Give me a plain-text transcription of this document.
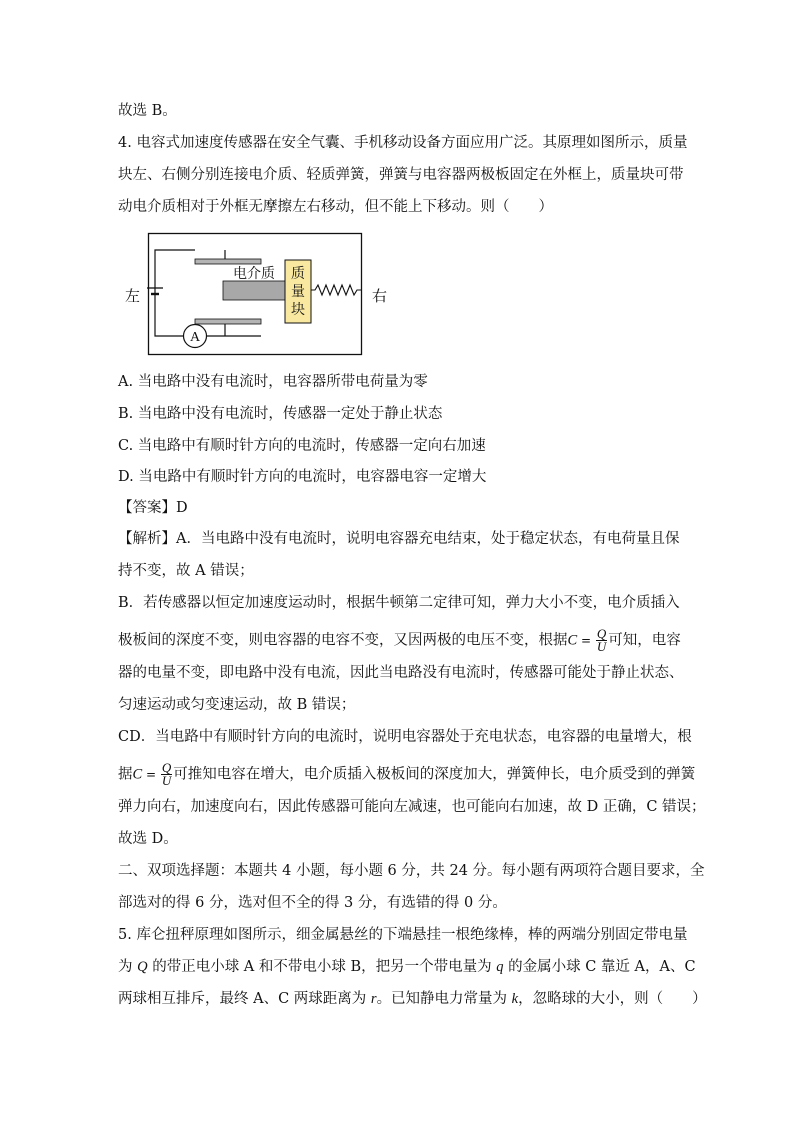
故选 B。
4. 电容式加速度传感器在安全气囊、手机移动设备方面应用广泛。其原理如图所示，质量
块左、右侧分别连接电介质、轻质弹簧，弹簧与电容器两极板固定在外框上，质量块可带
动电介质相对于外框无摩擦左右移动，但不能上下移动。则（　　）
左	右
电介质 质
量
块
A
A. 当电路中没有电流时，电容器所带电荷量为零
B. 当电路中没有电流时，传感器一定处于静止状态
C. 当电路中有顺时针方向的电流时，传感器一定向右加速
D. 当电路中有顺时针方向的电流时，电容器电容一定增大
【答案】D
【解析】A．当电路中没有电流时，说明电容器充电结束，处于稳定状态，有电荷量且保
持不变，故 A 错误；
B．若传感器以恒定加速度运动时，根据牛顿第二定律可知，弹力大小不变，电介质插入
极板间的深度不变，则电容器的电容不变，又因两极的电压不变，根据$C = \frac{Q}{U}$ 可知，电容
器的电量不变，即电路中没有电流，因此当电路没有电流时，传感器可能处于静止状态、
匀速运动或匀变速运动，故 B 错误；
CD．当电路中有顺时针方向的电流时，说明电容器处于充电状态，电容器的电量增大，根
据$C = \frac{Q}{U}$ 可推知电容在增大，电介质插入极板间的深度加大，弹簧伸长，电介质受到的弹簧
弹力向右，加速度向右，因此传感器可能向左减速，也可能向右加速，故 D 正确，C 错误；
故选 D。
二、双项选择题：本题共 4 小题，每小题 6 分，共 24 分。每小题有两项符合题目要求，全
部选对的得 6 分，选对但不全的得 3 分，有选错的得 0 分。
5. 库仑扭秤原理如图所示，细金属悬丝的下端悬挂一根绝缘棒，棒的两端分别固定带电量
为 Q 的带正电小球 A 和不带电小球 B，把另一个带电量为 q 的金属小球 C 靠近 A，A、C
两球相互排斥，最终 A、C 两球距离为 r。已知静电力常量为 k，忽略球的大小，则（　　）
